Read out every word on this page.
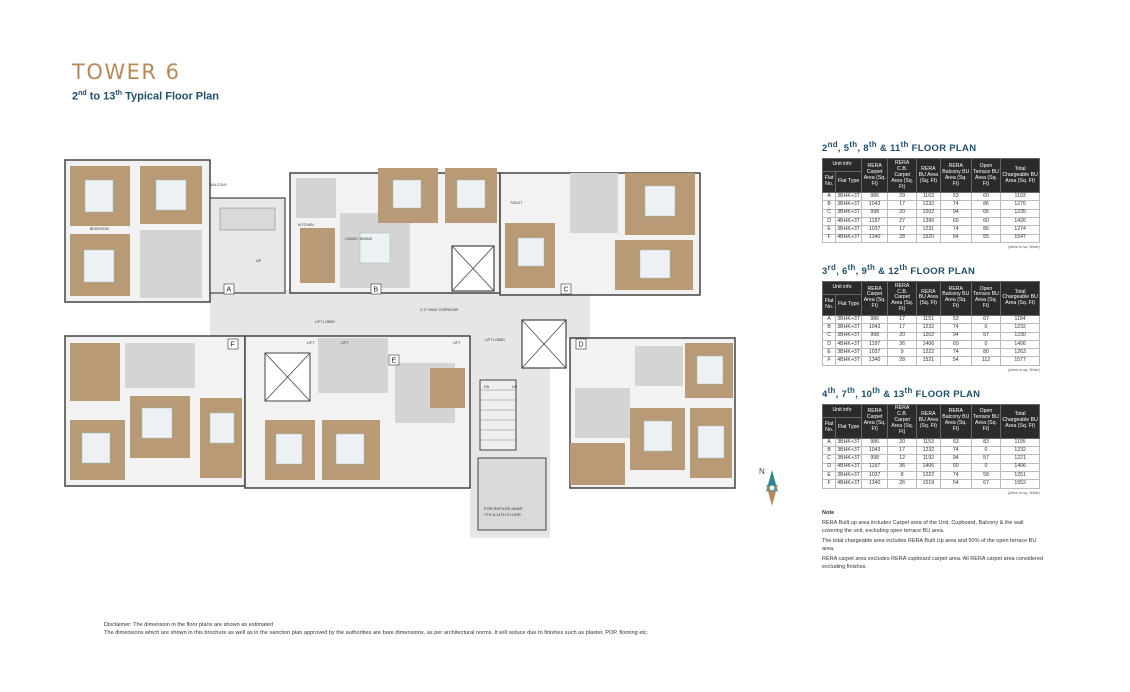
TOWER 6
2nd to 13th Typical Floor Plan
A	B	C
D
E
F
2'-3" WIDE CORRIDOR
LIFT LOBBY
LIFT LOBBY
LIFT	LIFT	LIFT
UP
UP
DN
BEDROOM
LIVING / DINING
KITCHEN
TOILET
BALCONY
FOR REFUGE NEAR
7TH & 11TH FLOOR
N
2nd, 5th, 8th & 11th FLOOR PLAN
Unit info		RERA Carpet Area (Sq. Ft)	RERA C.B. Carpet Area (Sq. Ft)	RERA BU Area (Sq. Ft)	RERA Balcony BU Area (Sq. Ft)	Open Terrace BU Area (Sq. Ft)	Total Chargeable BU Area (Sq. Ft)
Flat No.	Flat Type						
A	3BHK+3T	986	29	1163	53	60	1193
B	3BHK+3T	1043	17	1232	74	86	1276
C	3BHK+3T	998	20	1202	94	66	1235
D	4BHK+3T	1197	27	1396	60	60	1426
E	3BHK+3T	1037	17	1231	74	86	1274
F	4BHK+3T	1340	28	1520	54	55	1547
(Area in sq. ft/mtr)
3rd, 6th, 9th & 12th FLOOR PLAN
Unit info		RERA Carpet Area (Sq. Ft)	RERA C.B. Carpet Area (Sq. Ft)	RERA BU Area (Sq. Ft)	RERA Balcony BU Area (Sq. Ft)	Open Terrace BU Area (Sq. Ft)	Total Chargeable BU Area (Sq. Ft)
Flat No.	Flat Type						
A	3BHK+3T	986	17	1151	53	67	1184
B	3BHK+3T	1043	17	1232	74	0	1232
C	3BHK+3T	998	20	1202	94	57	1230
D	4BHK+3T	1197	36	1406	60	0	1406
E	3BHK+3T	1037	9	1222	74	80	1263
F	4BHK+3T	1340	28	1521	54	112	1577
(Area in sq. ft/mtr)
4th, 7th, 10th & 13th FLOOR PLAN
Unit info		RERA Carpet Area (Sq. Ft)	RERA C.B. Carpet Area (Sq. Ft)	RERA BU Area (Sq. Ft)	RERA Balcony BU Area (Sq. Ft)	Open Terrace BU Area (Sq. Ft)	Total Chargeable BU Area (Sq. Ft)
Flat No.	Flat Type						
A	3BHK+3T	986	20	1153	53	83	1195
B	3BHK+3T	1043	17	1232	74	0	1232
C	3BHK+3T	998	12	1192	94	57	1221
D	4BHK+3T	1197	36	1406	60	0	1406
E	3BHK+3T	1037	8	1222	74	58	1251
F	4BHK+3T	1340	26	1519	54	67	1552
(Area in sq. ft/mtr)

Note

RERA Built up area includes Carpet area of the Unit, Cupboard, Balcony & the wall covering the unit, excluding open terrace BU area.

The total chargeable area includes RERA Built Up area and 50% of the open terrace BU area.

RERA carpet area excludes RERA cupboard carpet area. All RERA carpet area considered excluding finishes.

Disclaimer: The dimension in the floor plans are shown as estimated
The dimensions which are shown in this brochure as well as in the sanction plan approved by the authorities are bare dimensions, as per architectural norms. It will reduce due to finishes such as plaster, POP, flooring etc.
